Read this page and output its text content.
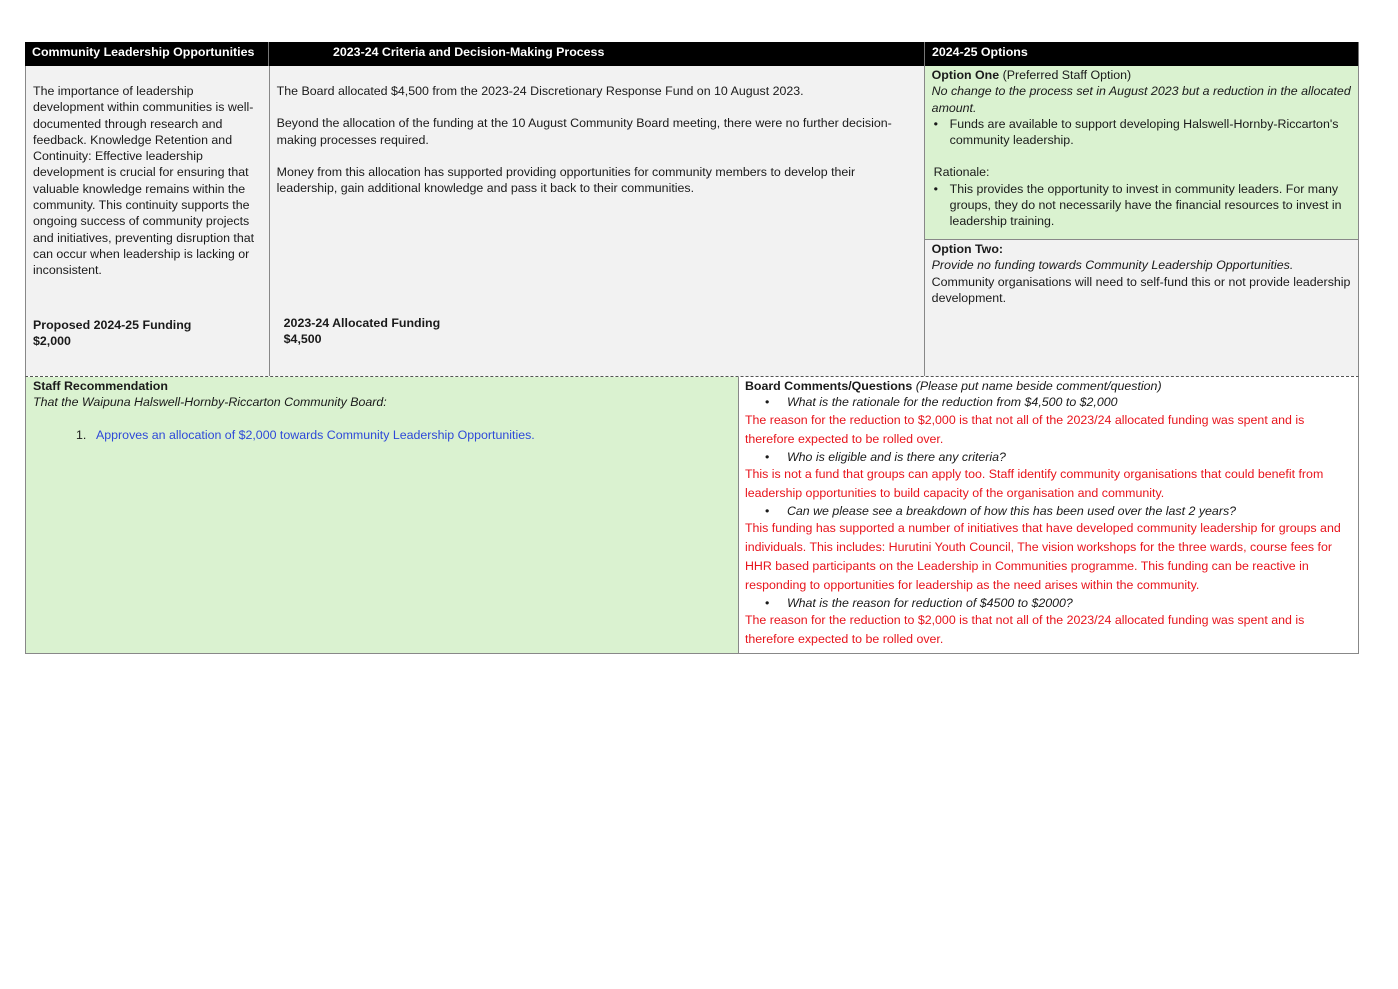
Community Leadership Opportunities	2023-24 Criteria and Decision-Making Process	2024-25 Options

The importance of leadership development within communities is well-documented through research and feedback. Knowledge Retention and Continuity: Effective leadership development is crucial for ensuring that valuable knowledge remains within the community. This continuity supports the ongoing success of community projects and initiatives, preventing disruption that can occur when leadership is lacking or inconsistent.

Proposed 2024-25 Funding
$2,000

The Board allocated $4,500 from the 2023-24 Discretionary Response Fund on 10 August 2023.

Beyond the allocation of the funding at the 10 August Community Board meeting, there were no further decision-making processes required.

Money from this allocation has supported providing opportunities for community members to develop their leadership, gain additional knowledge and pass it back to their communities.

2023-24 Allocated Funding
$4,500

Option One (Preferred Staff Option)

No change to the process set in August 2023 but a reduction in the allocated amount.

• Funds are available to support developing Halswell-Hornby-Riccarton's community leadership.

Rationale:

• This provides the opportunity to invest in community leaders. For many groups, they do not necessarily have the financial resources to invest in leadership training.

Option Two:

Provide no funding towards Community Leadership Opportunities.

Community organisations will need to self-fund this or not provide leadership development.

Staff Recommendation

That the Waipuna Halswell-Hornby-Riccarton Community Board:

1. Approves an allocation of $2,000 towards Community Leadership Opportunities.

Board Comments/Questions (Please put name beside comment/question)

• What is the rationale for the reduction from $4,500 to $2,000

The reason for the reduction to $2,000 is that not all of the 2023/24 allocated funding was spent and is therefore expected to be rolled over.

• Who is eligible and is there any criteria?

This is not a fund that groups can apply too. Staff identify community organisations that could benefit from leadership opportunities to build capacity of the organisation and community.

• Can we please see a breakdown of how this has been used over the last 2 years?

This funding has supported a number of initiatives that have developed community leadership for groups and individuals. This includes: Hurutini Youth Council, The vision workshops for the three wards, course fees for HHR based participants on the Leadership in Communities programme. This funding can be reactive in responding to opportunities for leadership as the need arises within the community.

• What is the reason for reduction of $4500 to $2000?

The reason for the reduction to $2,000 is that not all of the 2023/24 allocated funding was spent and is therefore expected to be rolled over.
